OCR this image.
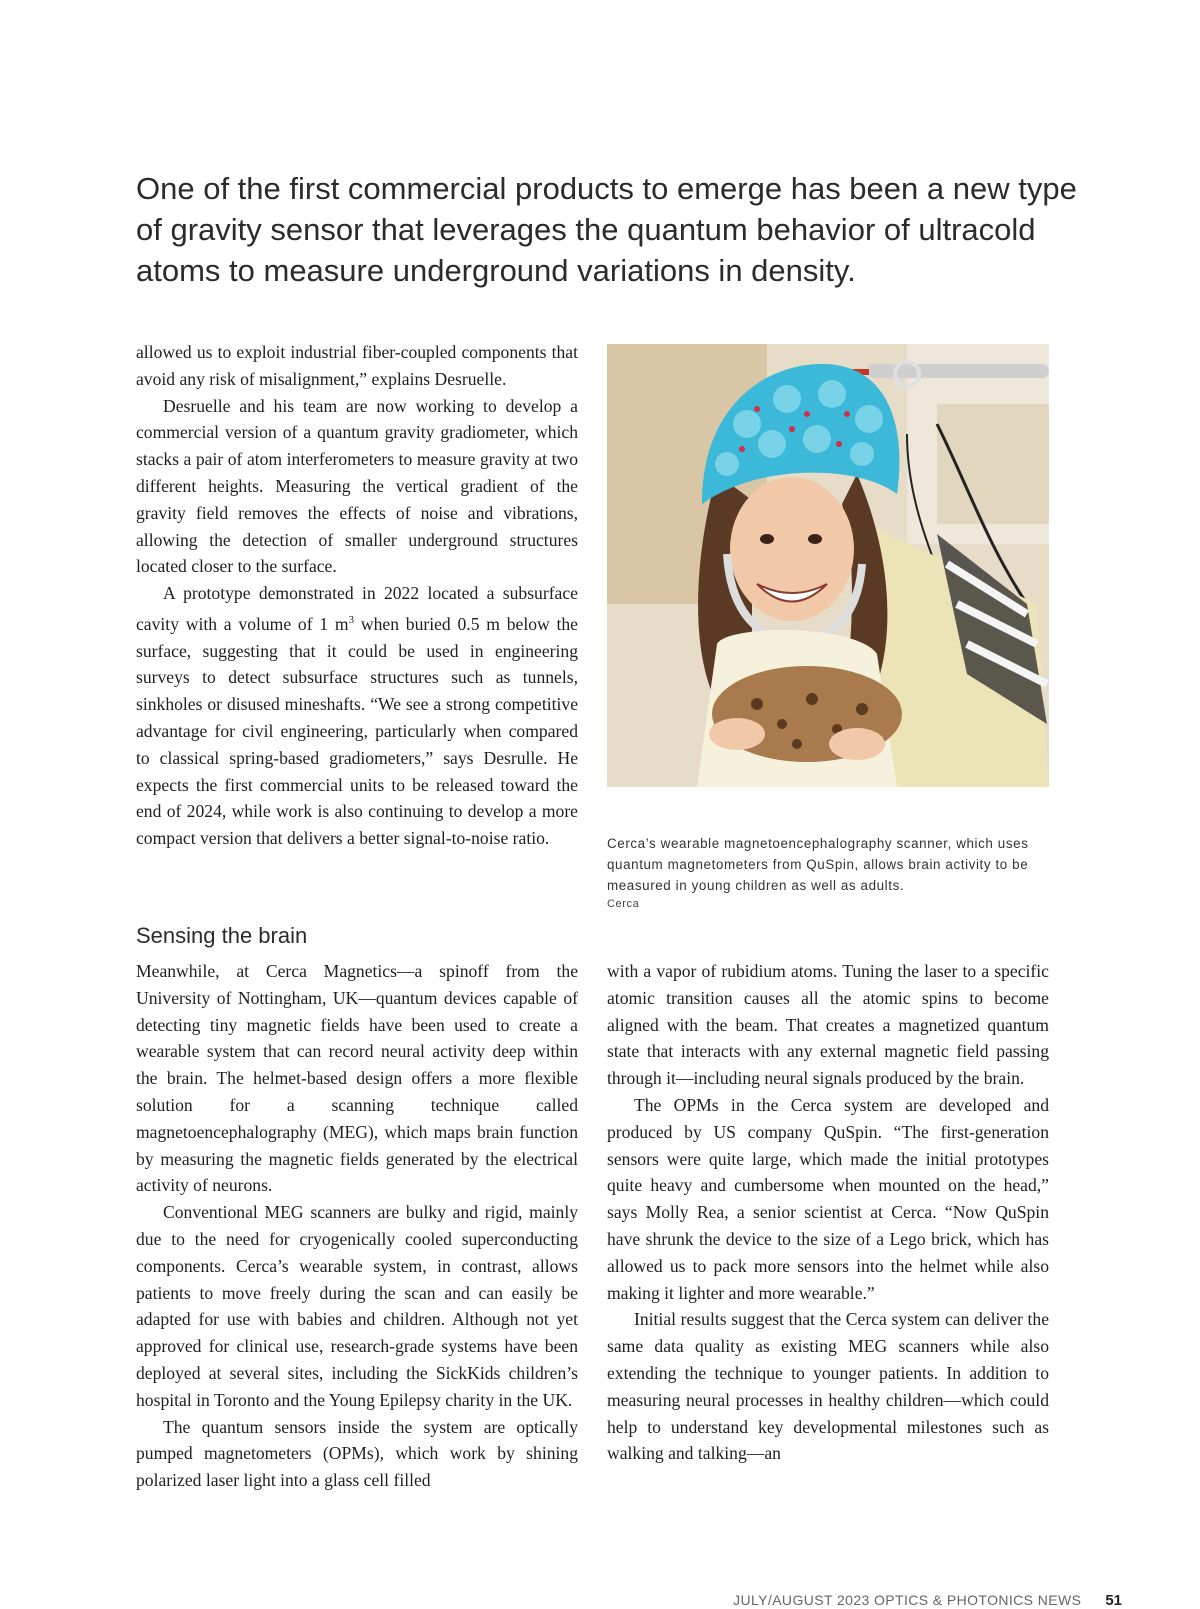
One of the first commercial products to emerge has been a new type of gravity sensor that leverages the quantum behavior of ultracold atoms to measure underground variations in density.

allowed us to exploit industrial fiber-coupled components that avoid any risk of misalignment,” explains Desruelle.

Desruelle and his team are now working to develop a commercial version of a quantum gravity gradiometer, which stacks a pair of atom interferometers to measure gravity at two different heights. Measuring the vertical gradient of the gravity field removes the effects of noise and vibrations, allowing the detection of smaller underground structures located closer to the surface.

A prototype demonstrated in 2022 located a subsurface cavity with a volume of 1 $m^3$ when buried 0.5 m below the surface, suggesting that it could be used in engineering surveys to detect subsurface structures such as tunnels, sinkholes or disused mineshafts. “We see a strong competitive advantage for civil engineering, particularly when compared to classical spring-based gradiometers,” says Desrulle. He expects the first commercial units to be released toward the end of 2024, while work is also continuing to develop a more compact version that delivers a better signal-to-noise ratio.	Cerca’s wearable magnetoencephalography scanner, which uses quantum magnetometers from QuSpin, allows brain activity to be measured in young children as well as adults.

Cerca

Sensing the brain

Meanwhile, at Cerca Magnetics—a spinoff from the University of Nottingham, UK—quantum devices capable of detecting tiny magnetic fields have been used to create a wearable system that can record neural activity deep within the brain. The helmet-based design offers a more flexible solution for a scanning technique called magnetoencephalography (MEG), which maps brain function by measuring the magnetic fields generated by the electrical activity of neurons.

Conventional MEG scanners are bulky and rigid, mainly due to the need for cryogenically cooled superconducting components. Cerca’s wearable system, in contrast, allows patients to move freely during the scan and can easily be adapted for use with babies and children. Although not yet approved for clinical use, research-grade systems have been deployed at several sites, including the SickKids children’s hospital in Toronto and the Young Epilepsy charity in the UK.

The quantum sensors inside the system are optically pumped magnetometers (OPMs), which work by shining polarized laser light into a glass cell filled

with a vapor of rubidium atoms. Tuning the laser to a specific atomic transition causes all the atomic spins to become aligned with the beam. That creates a magnetized quantum state that interacts with any external magnetic field passing through it—including neural signals produced by the brain.

The OPMs in the Cerca system are developed and produced by US company QuSpin. “The first-generation sensors were quite large, which made the initial prototypes quite heavy and cumbersome when mounted on the head,” says Molly Rea, a senior scientist at Cerca. “Now QuSpin have shrunk the device to the size of a Lego brick, which has allowed us to pack more sensors into the helmet while also making it lighter and more wearable.”

Initial results suggest that the Cerca system can deliver the same data quality as existing MEG scanners while also extending the technique to younger patients. In addition to measuring neural processes in healthy children—which could help to understand key developmental milestones such as walking and talking—an

JULY/AUGUST 2023 OPTICS & PHOTONICS NEWS 51
